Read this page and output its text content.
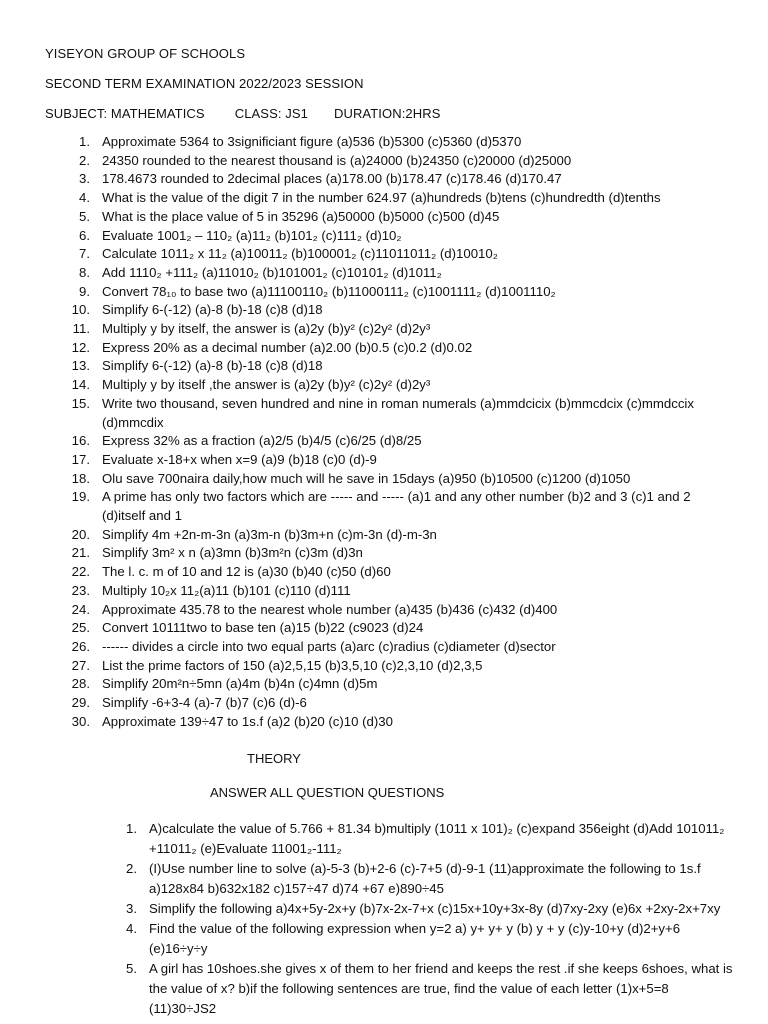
YISEYON GROUP OF SCHOOLS
SECOND TERM EXAMINATION 2022/2023 SESSION
SUBJECT: MATHEMATICS CLASS: JS1 DURATION:2HRS
1. Approximate 5364 to 3significiant figure (a)536 (b)5300 (c)5360 (d)5370
2. 24350 rounded to the nearest thousand is (a)24000 (b)24350 (c)20000 (d)25000
3. 178.4673 rounded to 2decimal places (a)178.00 (b)178.47 (c)178.46 (d)170.47
4. What is the value of the digit 7 in the number 624.97 (a)hundreds (b)tens (c)hundredth (d)tenths
5. What is the place value of 5 in 35296 (a)50000 (b)5000 (c)500 (d)45
6. Evaluate 1001₂ – 110₂ (a)11₂ (b)101₂ (c)111₂ (d)10₂
7. Calculate 1011₂ x 11₂ (a)10011₂ (b)100001₂ (c)11011011₂ (d)10010₂
8. Add 1110₂ +111₂ (a)11010₂ (b)101001₂ (c)10101₂ (d)1011₂
9. Convert 78₁₀ to base two (a)11100110₂ (b)11000111₂ (c)1001111₂ (d)1001110₂
10. Simplify 6-(-12) (a)-8 (b)-18 (c)8 (d)18
11. Multiply y by itself, the answer is (a)2y (b)y² (c)2y² (d)2y³
12. Express 20% as a decimal number (a)2.00 (b)0.5 (c)0.2 (d)0.02
13. Simplify 6-(-12) (a)-8 (b)-18 (c)8 (d)18
14. Multiply y by itself ,the answer is (a)2y (b)y² (c)2y² (d)2y³
15. Write two thousand, seven hundred and nine in roman numerals (a)mmdcicix (b)mmcdcix (c)mmdccix (d)mmcdix
16. Express 32% as a fraction (a)2/5 (b)4/5 (c)6/25 (d)8/25
17. Evaluate x-18+x when x=9 (a)9 (b)18 (c)0 (d)-9
18. Olu save 700naira daily,how much will he save in 15days (a)950 (b)10500 (c)1200 (d)1050
19. A prime has only two factors which are ----- and ----- (a)1 and any other number (b)2 and 3 (c)1 and 2 (d)itself and 1
20. Simplify 4m +2n-m-3n (a)3m-n (b)3m+n (c)m-3n (d)-m-3n
21. Simplify 3m² x n (a)3mn (b)3m²n (c)3m (d)3n
22. The l. c. m of 10 and 12 is (a)30 (b)40 (c)50 (d)60
23. Multiply 10₂x 11₂(a)11 (b)101 (c)110 (d)111
24. Approximate 435.78 to the nearest whole number (a)435 (b)436 (c)432 (d)400
25. Convert 10111two to base ten (a)15 (b)22 (c9023 (d)24
26. ------ divides a circle into two equal parts (a)arc (c)radius (c)diameter (d)sector
27. List the prime factors of 150 (a)2,5,15 (b)3,5,10 (c)2,3,10 (d)2,3,5
28. Simplify 20m²n÷5mn (a)4m (b)4n (c)4mn (d)5m
29. Simplify -6+3-4 (a)-7 (b)7 (c)6 (d)-6
30. Approximate 139÷47 to 1s.f (a)2 (b)20 (c)10 (d)30
THEORY
ANSWER ALL QUESTION QUESTIONS
1. A)calculate the value of 5.766 + 81.34 b)multiply (1011 x 101)₂ (c)expand 356eight (d)Add 101011₂ +11011₂ (e)Evaluate 11001₂-111₂
2. (I)Use number line to solve (a)-5-3 (b)+2-6 (c)-7+5 (d)-9-1 (11)approximate the following to 1s.f a)128x84 b)632x182 c)157÷47 d)74 +67 e)890÷45
3. Simplify the following a)4x+5y-2x+y (b)7x-2x-7+x (c)15x+10y+3x-8y (d)7xy-2xy (e)6x +2xy-2x+7xy
4. Find the value of the following expression when y=2 a) y+ y+ y (b) y + y (c)y-10+y (d)2+y+6 (e)16÷y÷y
5. A girl has 10shoes.she gives x of them to her friend and keeps the rest .if she keeps 6shoes, what is the value of x? b)if the following sentences are true, find the value of each letter (1)x+5=8 (11)30÷JS2
